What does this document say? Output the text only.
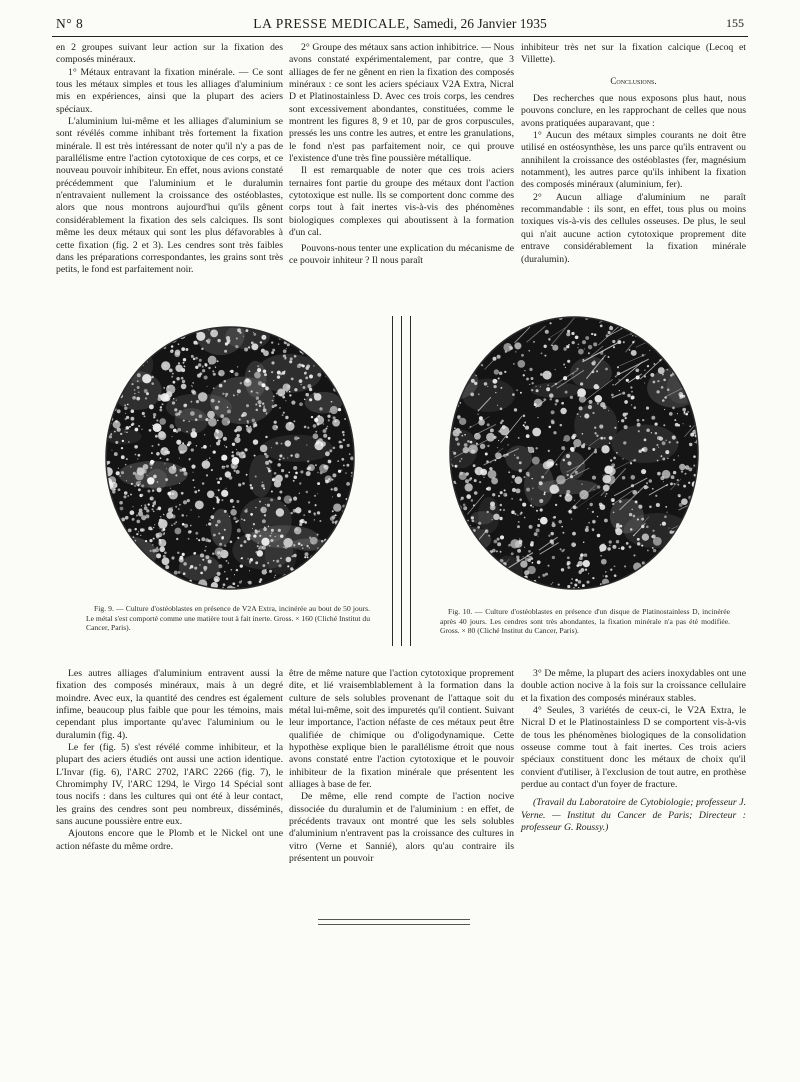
N° 8	LA PRESSE MEDICALE, Samedi, 26 Janvier 1935	155

en 2 groupes suivant leur action sur la fixation des composés minéraux.

1° Métaux entravant la fixation minérale. — Ce sont tous les métaux simples et tous les alliages d'aluminium mis en expériences, ainsi que la plupart des aciers spéciaux.

L'aluminium lui-même et les alliages d'aluminium se sont révélés comme inhibant très fortement la fixation minérale. Il est très intéressant de noter qu'il n'y a pas de parallélisme entre l'action cytotoxique de ces corps, et ce nouveau pouvoir inhibiteur. En effet, nous avions constaté précédemment que l'aluminium et le duralumin n'entravaient nullement la croissance des ostéoblastes, alors que nous montrons aujourd'hui qu'ils gênent considérablement la fixation des sels calciques. Ils sont même les deux métaux qui sont les plus défavorables à cette fixation (fig. 2 et 3). Les cendres sont très faibles dans les préparations correspondantes, les grains sont très petits, le fond est parfaitement noir.

2° Groupe des métaux sans action inhibitrice. — Nous avons constaté expérimentalement, par contre, que 3 alliages de fer ne gênent en rien la fixation des composés minéraux : ce sont les aciers spéciaux V2A Extra, Nicral D et Platinostainless D. Avec ces trois corps, les cendres sont excessivement abondantes, constituées, comme le montrent les figures 8, 9 et 10, par de gros corpuscules, pressés les uns contre les autres, et entre les granulations, le fond n'est pas parfaitement noir, ce qui prouve l'existence d'une très fine poussière métallique.

Il est remarquable de noter que ces trois aciers ternaires font partie du groupe des métaux dont l'action cytotoxique est nulle. Ils se comportent donc comme des corps tout à fait inertes vis-à-vis des phénomènes biologiques complexes qui aboutissent à la formation d'un cal.

Pouvons-nous tenter une explication du mécanisme de ce pouvoir inhiteur ? Il nous paraît

inhibiteur très net sur la fixation calcique (Lecoq et Villette).

Conclusions.

Des recherches que nous exposons plus haut, nous pouvons conclure, en les rapprochant de celles que nous avons pratiquées auparavant, que :

1° Aucun des métaux simples courants ne doit être utilisé en ostéosynthèse, les uns parce qu'ils entravent ou annihilent la croissance des ostéoblastes (fer, magnésium notamment), les autres parce qu'ils inhibent la fixation des composés minéraux (aluminium, fer).

2° Aucun alliage d'aluminium ne paraît recommandable : ils sont, en effet, tous plus ou moins toxiques vis-à-vis des cellules osseuses. De plus, le seul qui n'ait aucune action cytotoxique proprement dite entrave considérablement la fixation minérale (duralumin).

Fig. 9. — Culture d'ostéoblastes en présence de V2A Extra, incinérée au bout de 50 jours. Le métal s'est comporté comme une matière tout à fait inerte. Gross. × 160 (Cliché Institut du Cancer, Paris).

Fig. 10. — Culture d'ostéoblastes en présence d'un disque de Platinostainless D, incinérée après 40 jours. Les cendres sont très abondantes, la fixation minérale n'a pas été modifiée. Gross. × 80 (Cliché Institut du Cancer, Paris).

Les autres alliages d'aluminium entravent aussi la fixation des composés minéraux, mais à un degré moindre. Avec eux, la quantité des cendres est également infime, beaucoup plus faible que pour les témoins, mais cependant plus importante qu'avec l'aluminium ou le duralumin (fig. 4).

Le fer (fig. 5) s'est révélé comme inhibiteur, et la plupart des aciers étudiés ont aussi une action identique. L'Invar (fig. 6), l'ARC 2702, l'ARC 2266 (fig. 7), le Chromimphy IV, l'ARC 1294, le Virgo 14 Spécial sont tous nocifs : dans les cultures qui ont été à leur contact, les grains des cendres sont peu nombreux, disséminés, sans aucune poussière entre eux.

Ajoutons encore que le Plomb et le Nickel ont une action néfaste du même ordre.

être de même nature que l'action cytotoxique proprement dite, et lié vraisemblablement à la formation dans la culture de sels solubles provenant de l'attaque soit du métal lui-même, soit des impuretés qu'il contient. Suivant leur importance, l'action néfaste de ces métaux peut être qualifiée de chimique ou d'oligodynamique. Cette hypothèse explique bien le parallélisme étroit que nous avons constaté entre l'action cytotoxique et le pouvoir inhibiteur de la fixation minérale que présentent les alliages à base de fer.

De même, elle rend compte de l'action nocive dissociée du duralumin et de l'aluminium : en effet, de précédents travaux ont montré que les sels solubles d'aluminium n'entravent pas la croissance des cultures in vitro (Verne et Sannié), alors qu'au contraire ils présentent un pouvoir

3° De même, la plupart des aciers inoxydables ont une double action nocive à la fois sur la croissance cellulaire et la fixation des composés minéraux stables.

4° Seules, 3 variétés de ceux-ci, le V2A Extra, le Nicral D et le Platinostainless D se comportent vis-à-vis de tous les phénomènes biologiques de la consolidation osseuse comme tout à fait inertes. Ces trois aciers spéciaux constituent donc les métaux de choix qu'il convient d'utiliser, à l'exclusion de tout autre, en prothèse perdue au contact d'un foyer de fracture.

(Travail du Laboratoire de Cytobiologie; professeur J. Verne. — Institut du Cancer de Paris; Directeur : professeur G. Roussy.)
